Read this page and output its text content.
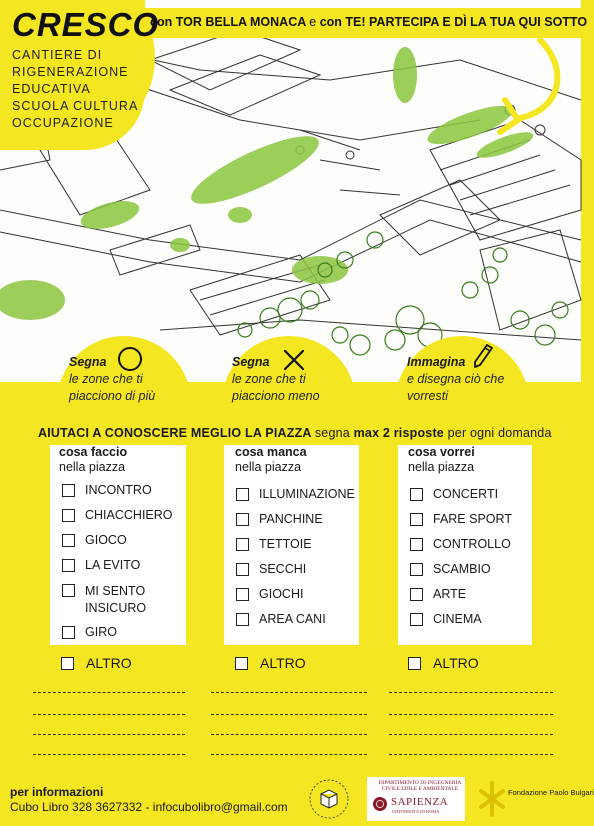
CRESCO
con TOR BELLA MONACA e con TE! PARTECIPA E DÌ LA TUA QUI SOTTO
CANTIERE DI
RIGENERAZIONE
EDUCATIVA
SCUOLA CULTURA
OCCUPAZIONE
Segna
le zone che ti
piacciono di più
Segna
le zone che ti
piacciono meno
Immagina
e disegna ciò che
vorresti
AIUTACI A CONOSCERE MEGLIO LA PIAZZA segna max 2 risposte per ogni domanda
cosa faccio
nella piazza
INCONTRO
CHIACCHIERO
GIOCO
LA EVITO
MI SENTO
INSICURO
GIRO
cosa manca
nella piazza
ILLUMINAZIONE
PANCHINE
TETTOIE
SECCHI
GIOCHI
AREA CANI
cosa vorrei
nella piazza
CONCERTI
FARE SPORT
CONTROLLO
SCAMBIO
ARTE
CINEMA
ALTRO	ALTRO	ALTRO
per informazioni
Cubo Libro 328 3627332 - infocubolibro@gmail.com
DIPARTIMENTO DI INGEGNERIA CIVILE EDILE E AMBIENTALE
SAPIENZA
UNIVERSITÀ DI ROMA
Fondazione Paolo Bulgari
